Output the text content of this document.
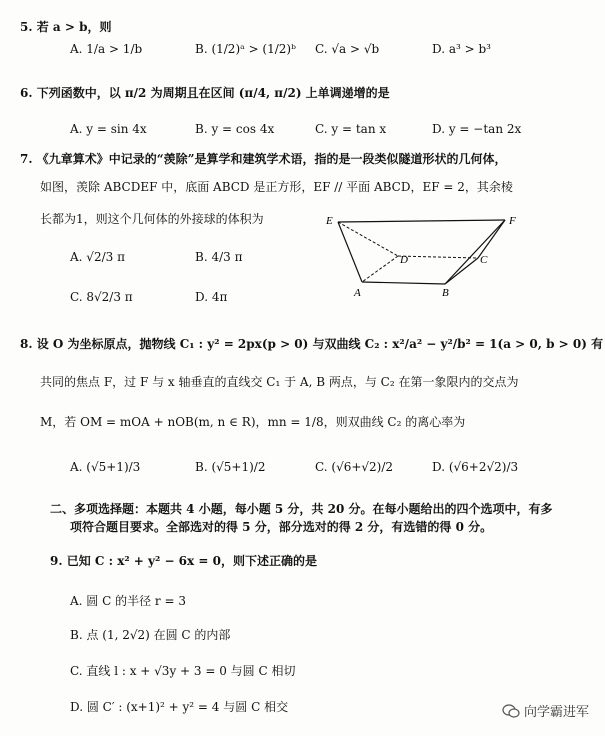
5. 若 a > b，则
A. 1/a > 1/b	B. (1/2)ᵃ > (1/2)ᵇ C. √a > √b	D. a³ > b³
6. 下列函数中，以 π/2 为周期且在区间 (π/4, π/2) 上单调递增的是
A. y = sin 4x	B. y = cos 4x	C. y = tan x	D. y = −tan 2x
7. 《九章算术》中记录的“羡除”是算学和建筑学术语，指的是一段类似隧道形状的几何体，
如图，羡除 ABCDEF 中，底面 ABCD 是正方形，EF // 平面 ABCD，EF = 2，其余棱
长都为1，则这个几何体的外接球的体积为
A. √2/3 π	B. 4/3 π
C. 8√2/3 π	D. 4π
E	F
D	C
A	B
8. 设 O 为坐标原点，抛物线 C₁ : y² = 2px(p > 0) 与双曲线 C₂ : x²/a² − y²/b² = 1(a > 0, b > 0) 有
共同的焦点 F，过 F 与 x 轴垂直的直线交 C₁ 于 A, B 两点，与 C₂ 在第一象限内的交点为
M，若 OM = mOA + nOB(m, n ∈ R)，mn = 1/8，则双曲线 C₂ 的离心率为
A. (√5+1)/3	B. (√5+1)/2	C. (√6+√2)/2	D. (√6+2√2)/3
二、多项选择题：本题共 4 小题，每小题 5 分，共 20 分。在每小题给出的四个选项中，有多
项符合题目要求。全部选对的得 5 分，部分选对的得 2 分，有选错的得 0 分。
9. 已知 C : x² + y² − 6x = 0，则下述正确的是
A. 圆 C 的半径 r = 3
B. 点 (1, 2√2) 在圆 C 的内部
C. 直线 l : x + √3y + 3 = 0 与圆 C 相切
D. 圆 C′ : (x+1)² + y² = 4 与圆 C 相交	向学霸进军
